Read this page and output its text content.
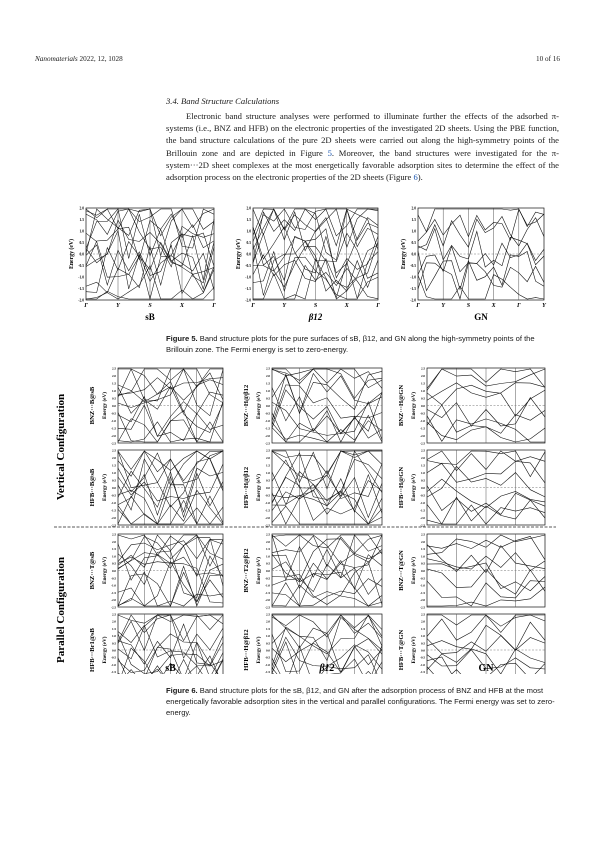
Nanomaterials 2022, 12, 1028	10 of 16
3.4. Band Structure Calculations
Electronic band structure analyses were performed to illuminate further the effects of the adsorbed π-systems (i.e., BNZ and HFB) on the electronic properties of the investigated 2D sheets. Using the PBE function, the band structure calculations of the pure 2D sheets were carried out along the high-symmetry points of the Brillouin zone and are depicted in Figure 5. Moreover, the band structures were investigated for the π-system···2D sheet complexes at the most energetically favorable adsorption sites to determine the effect of the adsorption process on the electronic properties of the 2D sheets (Figure 6).
2.0
1.5
1.0
0.5
0.0
-0.5
-1.0
-1.5
-2.0
Energy (eV)
Γ	Y	S	X	Γ
sB
2.0
1.5
1.0
0.5
0.0
-0.5
-1.0
-1.5
-2.0
Energy (eV)
Γ	Y	S	X	Γ
β12
2.0
1.5
1.0
0.5
0.0
-0.5
-1.0
-1.5
-2.0
Energy (eV)
Γ	Y	S	X	Γ	Y
GN
Figure 5. Band structure plots for the pure surfaces of sB, β12, and GN along the high-symmetry points of the Brillouin zone. The Fermi energy is set to zero-energy.
Vertical Configuration
Parallel Configuration
2.5
2.0
1.5
1.0
0.5
0.0
-0.5
-1.0
-1.5
-2.0
-2.5
Energy (eV)
BNZ···B@sB
2.5
2.0
1.5
1.0
0.5
0.0
-0.5
-1.0
-1.5
-2.0
-2.5
Energy (eV)
BNZ···H@β12
2.5
2.0
1.5
1.0
0.5
0.0
-0.5
-1.0
-1.5
-2.0
-2.5
Energy (eV)
BNZ···H@GN
2.5
2.0
1.5
1.0
0.5
0.0
-0.5
-1.0
-1.5
-2.0
-2.5
Energy (eV)
HFB···B@sB
2.5
2.0
1.5
1.0
0.5
0.0
-0.5
-1.0
-1.5
-2.0
-2.5
Energy (eV)
HFB···H@β12
2.5
2.0
1.5
1.0
0.5
0.0
-0.5
-1.0
-1.5
-2.0
-2.5
Energy (eV)
HFB···H@GN
2.5
2.0
1.5
1.0
0.5
0.0
-0.5
-1.0
-1.5
-2.0
-2.5
Energy (eV)
BNZ···T@sB
2.5
2.0
1.5
1.0
0.5
0.0
-0.5
-1.0
-1.5
-2.0
-2.5
Energy (eV)
BNZ···T2@β12
2.5
2.0
1.5
1.0
0.5
0.0
-0.5
-1.0
-1.5
-2.0
-2.5
Energy (eV)
BNZ···T@GN
2.5
2.0
1.5
1.0
0.5
0.0
-0.5
-1.0
-1.5
Energy (eV)
HFB···Br1@sB
2.5
2.0
1.5
1.0
0.5
0.0
-0.5
-1.0
-1.5
Energy (eV)
HFB···H@β12
2.5
2.0
1.5
1.0
0.5
0.0
-0.5
-1.0
-1.5
Energy (eV)
HFB···T@GN
sB	β12	GN
Figure 6. Band structure plots for the sB, β12, and GN after the adsorption process of BNZ and HFB at the most energetically favorable adsorption sites in the vertical and parallel configurations. The Fermi energy was set to zero-energy.
